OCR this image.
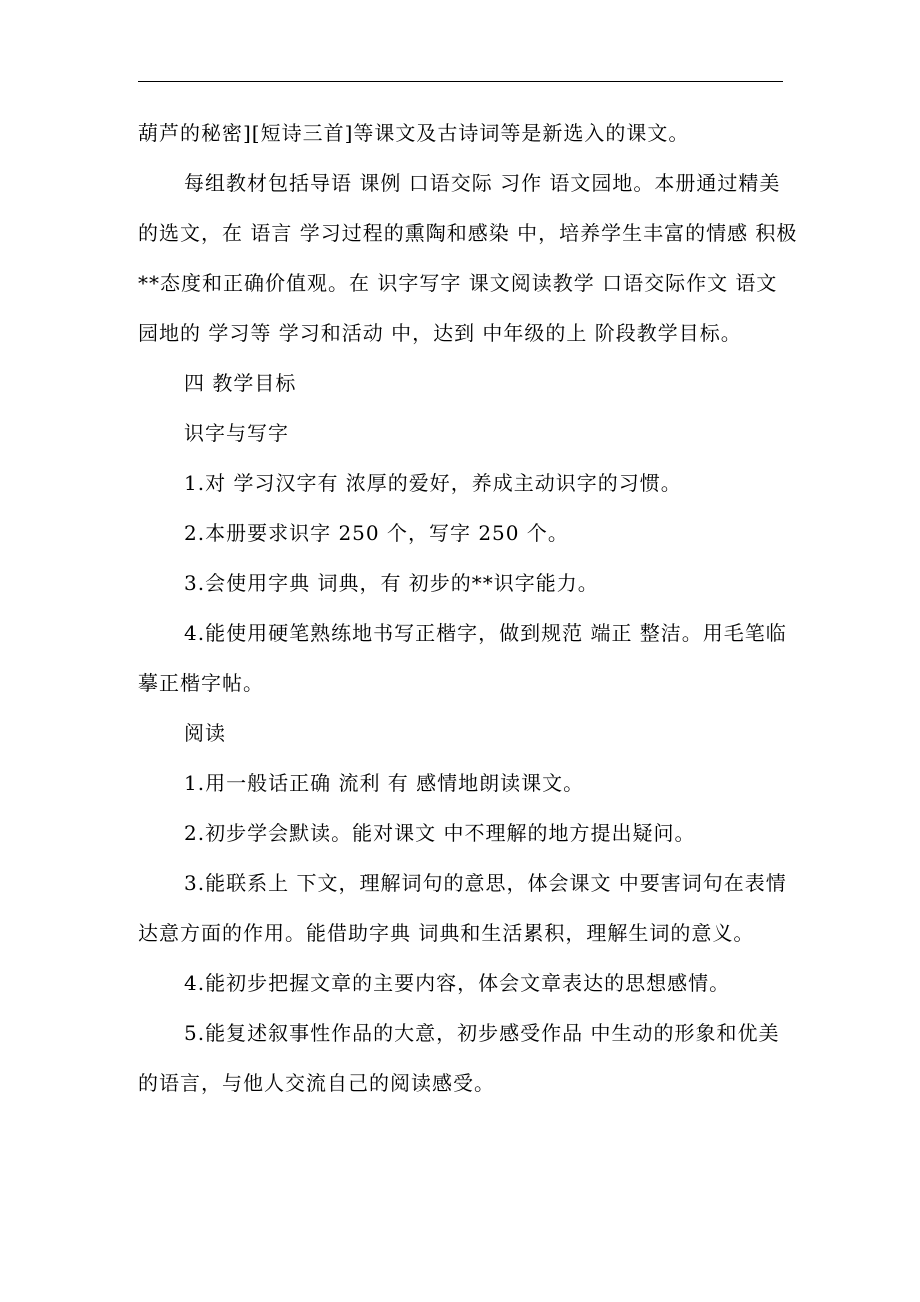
葫芦的秘密][短诗三首]等课文及古诗词等是新选入的课文。

每组教材包括导语 课例 口语交际 习作 语文园地。本册通过精美的选文，在 语言 学习过程的熏陶和感染 中，培养学生丰富的情感 积极**态度和正确价值观。在 识字写字 课文阅读教学 口语交际作文 语文园地的 学习等 学习和活动 中，达到 中年级的上 阶段教学目标。

四 教学目标

识字与写字

1.对 学习汉字有 浓厚的爱好，养成主动识字的习惯。

2.本册要求识字 250 个，写字 250 个。

3.会使用字典 词典，有 初步的**识字能力。

4.能使用硬笔熟练地书写正楷字，做到规范 端正 整洁。用毛笔临摹正楷字帖。

阅读

1.用一般话正确 流利 有 感情地朗读课文。

2.初步学会默读。能对课文 中不理解的地方提出疑问。

3.能联系上 下文，理解词句的意思，体会课文 中要害词句在表情达意方面的作用。能借助字典 词典和生活累积，理解生词的意义。

4.能初步把握文章的主要内容，体会文章表达的思想感情。

5.能复述叙事性作品的大意，初步感受作品 中生动的形象和优美的语言，与他人交流自己的阅读感受。
